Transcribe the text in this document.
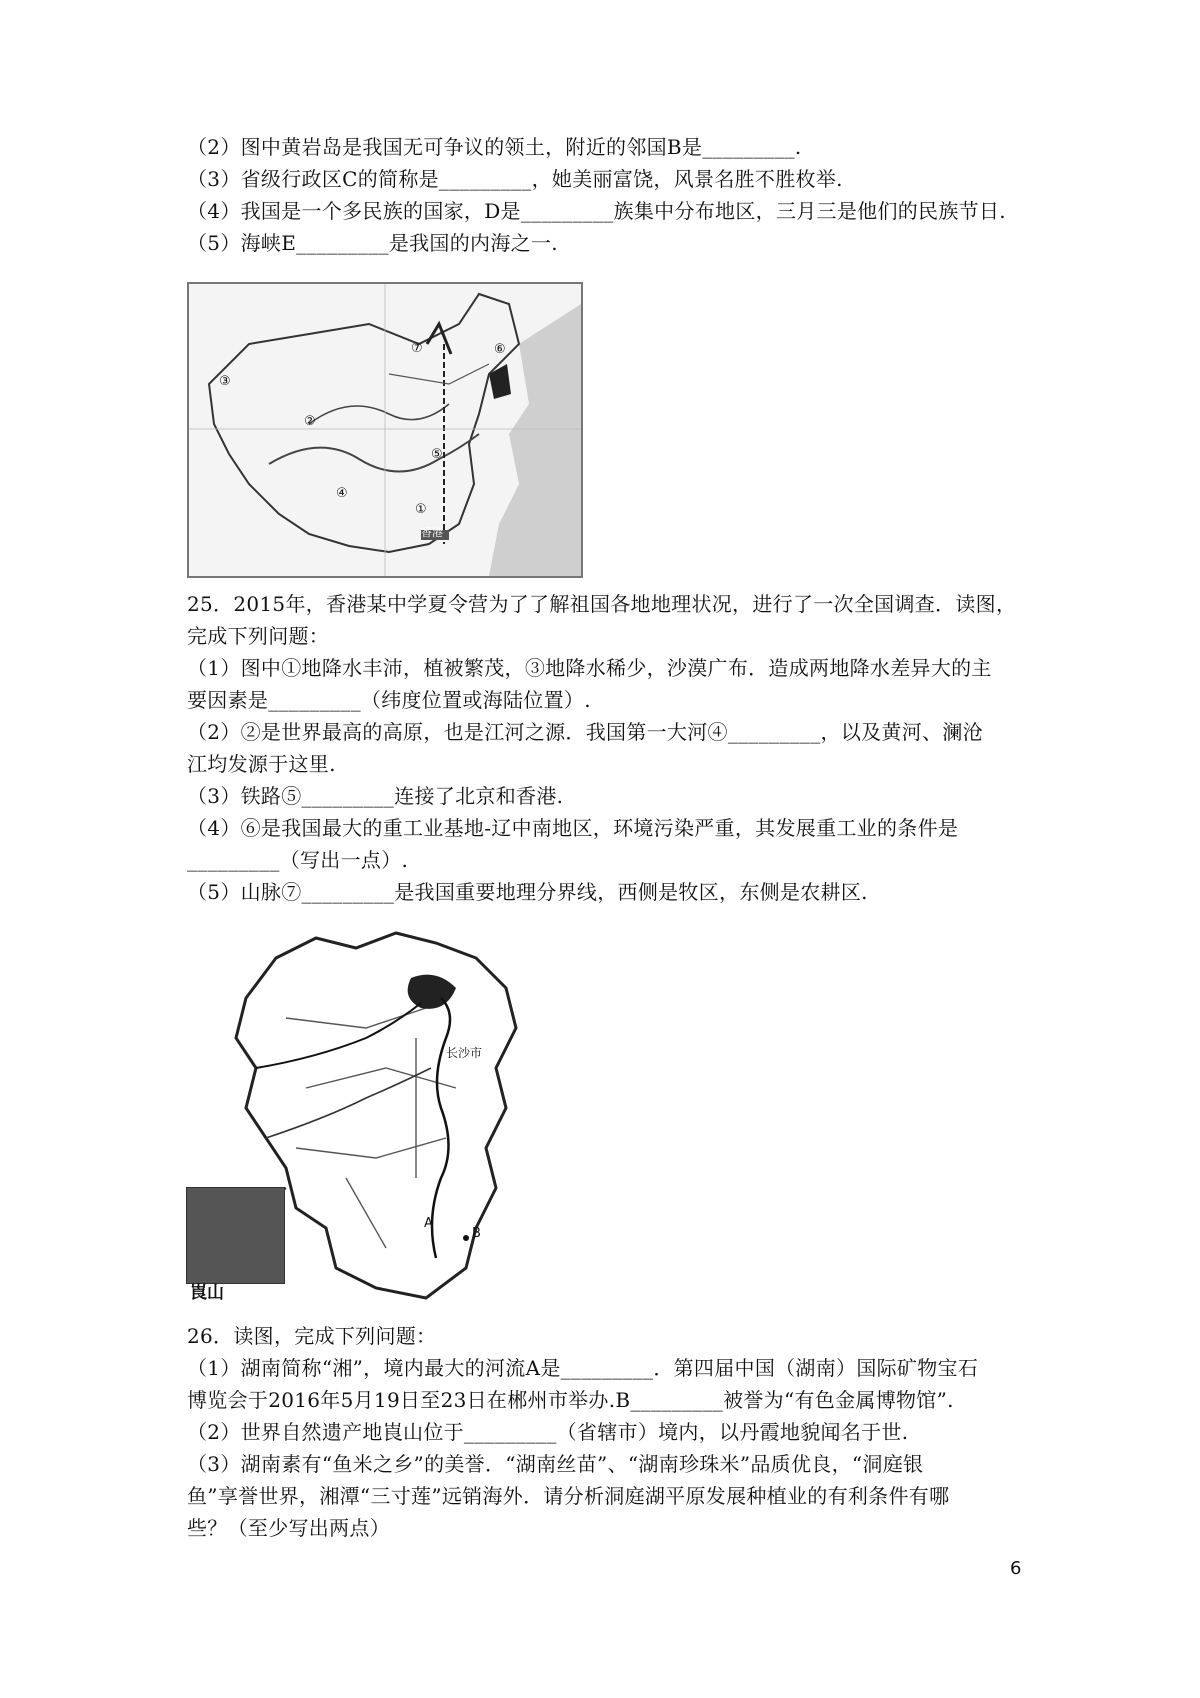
（2）图中黄岩岛是我国无可争议的领土，附近的邻国B是_________.
（3）省级行政区C的简称是_________，她美丽富饶，风景名胜不胜枚举.
（4）我国是一个多民族的国家，D是_________族集中分布地区，三月三是他们的民族节日.
（5）海峡E_________是我国的内海之一.
①
②
③
④
⑤
⑥
⑦
香港
25．2015年，香港某中学夏令营为了了解祖国各地地理状况，进行了一次全国调查．读图，
完成下列问题：
（1）图中①地降水丰沛，植被繁茂，③地降水稀少，沙漠广布．造成两地降水差异大的主
要因素是_________（纬度位置或海陆位置）.
（2）②是世界最高的高原，也是江河之源．我国第一大河④_________，以及黄河、澜沧
江均发源于这里.
（3）铁路⑤_________连接了北京和香港.
（4）⑥是我国最大的重工业基地-辽中南地区，环境污染严重，其发展重工业的条件是
_________（写出一点）.
（5）山脉⑦_________是我国重要地理分界线，西侧是牧区，东侧是农耕区.
A
B
长沙市
崀山
26．读图，完成下列问题：
（1）湖南简称“湘”，境内最大的河流A是_________．第四届中国（湖南）国际矿物宝石
博览会于2016年5月19日至23日在郴州市举办.B_________被誉为“有色金属博物馆”.
（2）世界自然遗产地崀山位于_________（省辖市）境内，以丹霞地貌闻名于世.
（3）湖南素有“鱼米之乡”的美誉．“湖南丝苗”、“湖南珍珠米”品质优良，“洞庭银
鱼”享誉世界，湘潭“三寸莲”远销海外．请分析洞庭湖平原发展种植业的有利条件有哪
些？（至少写出两点）
6
